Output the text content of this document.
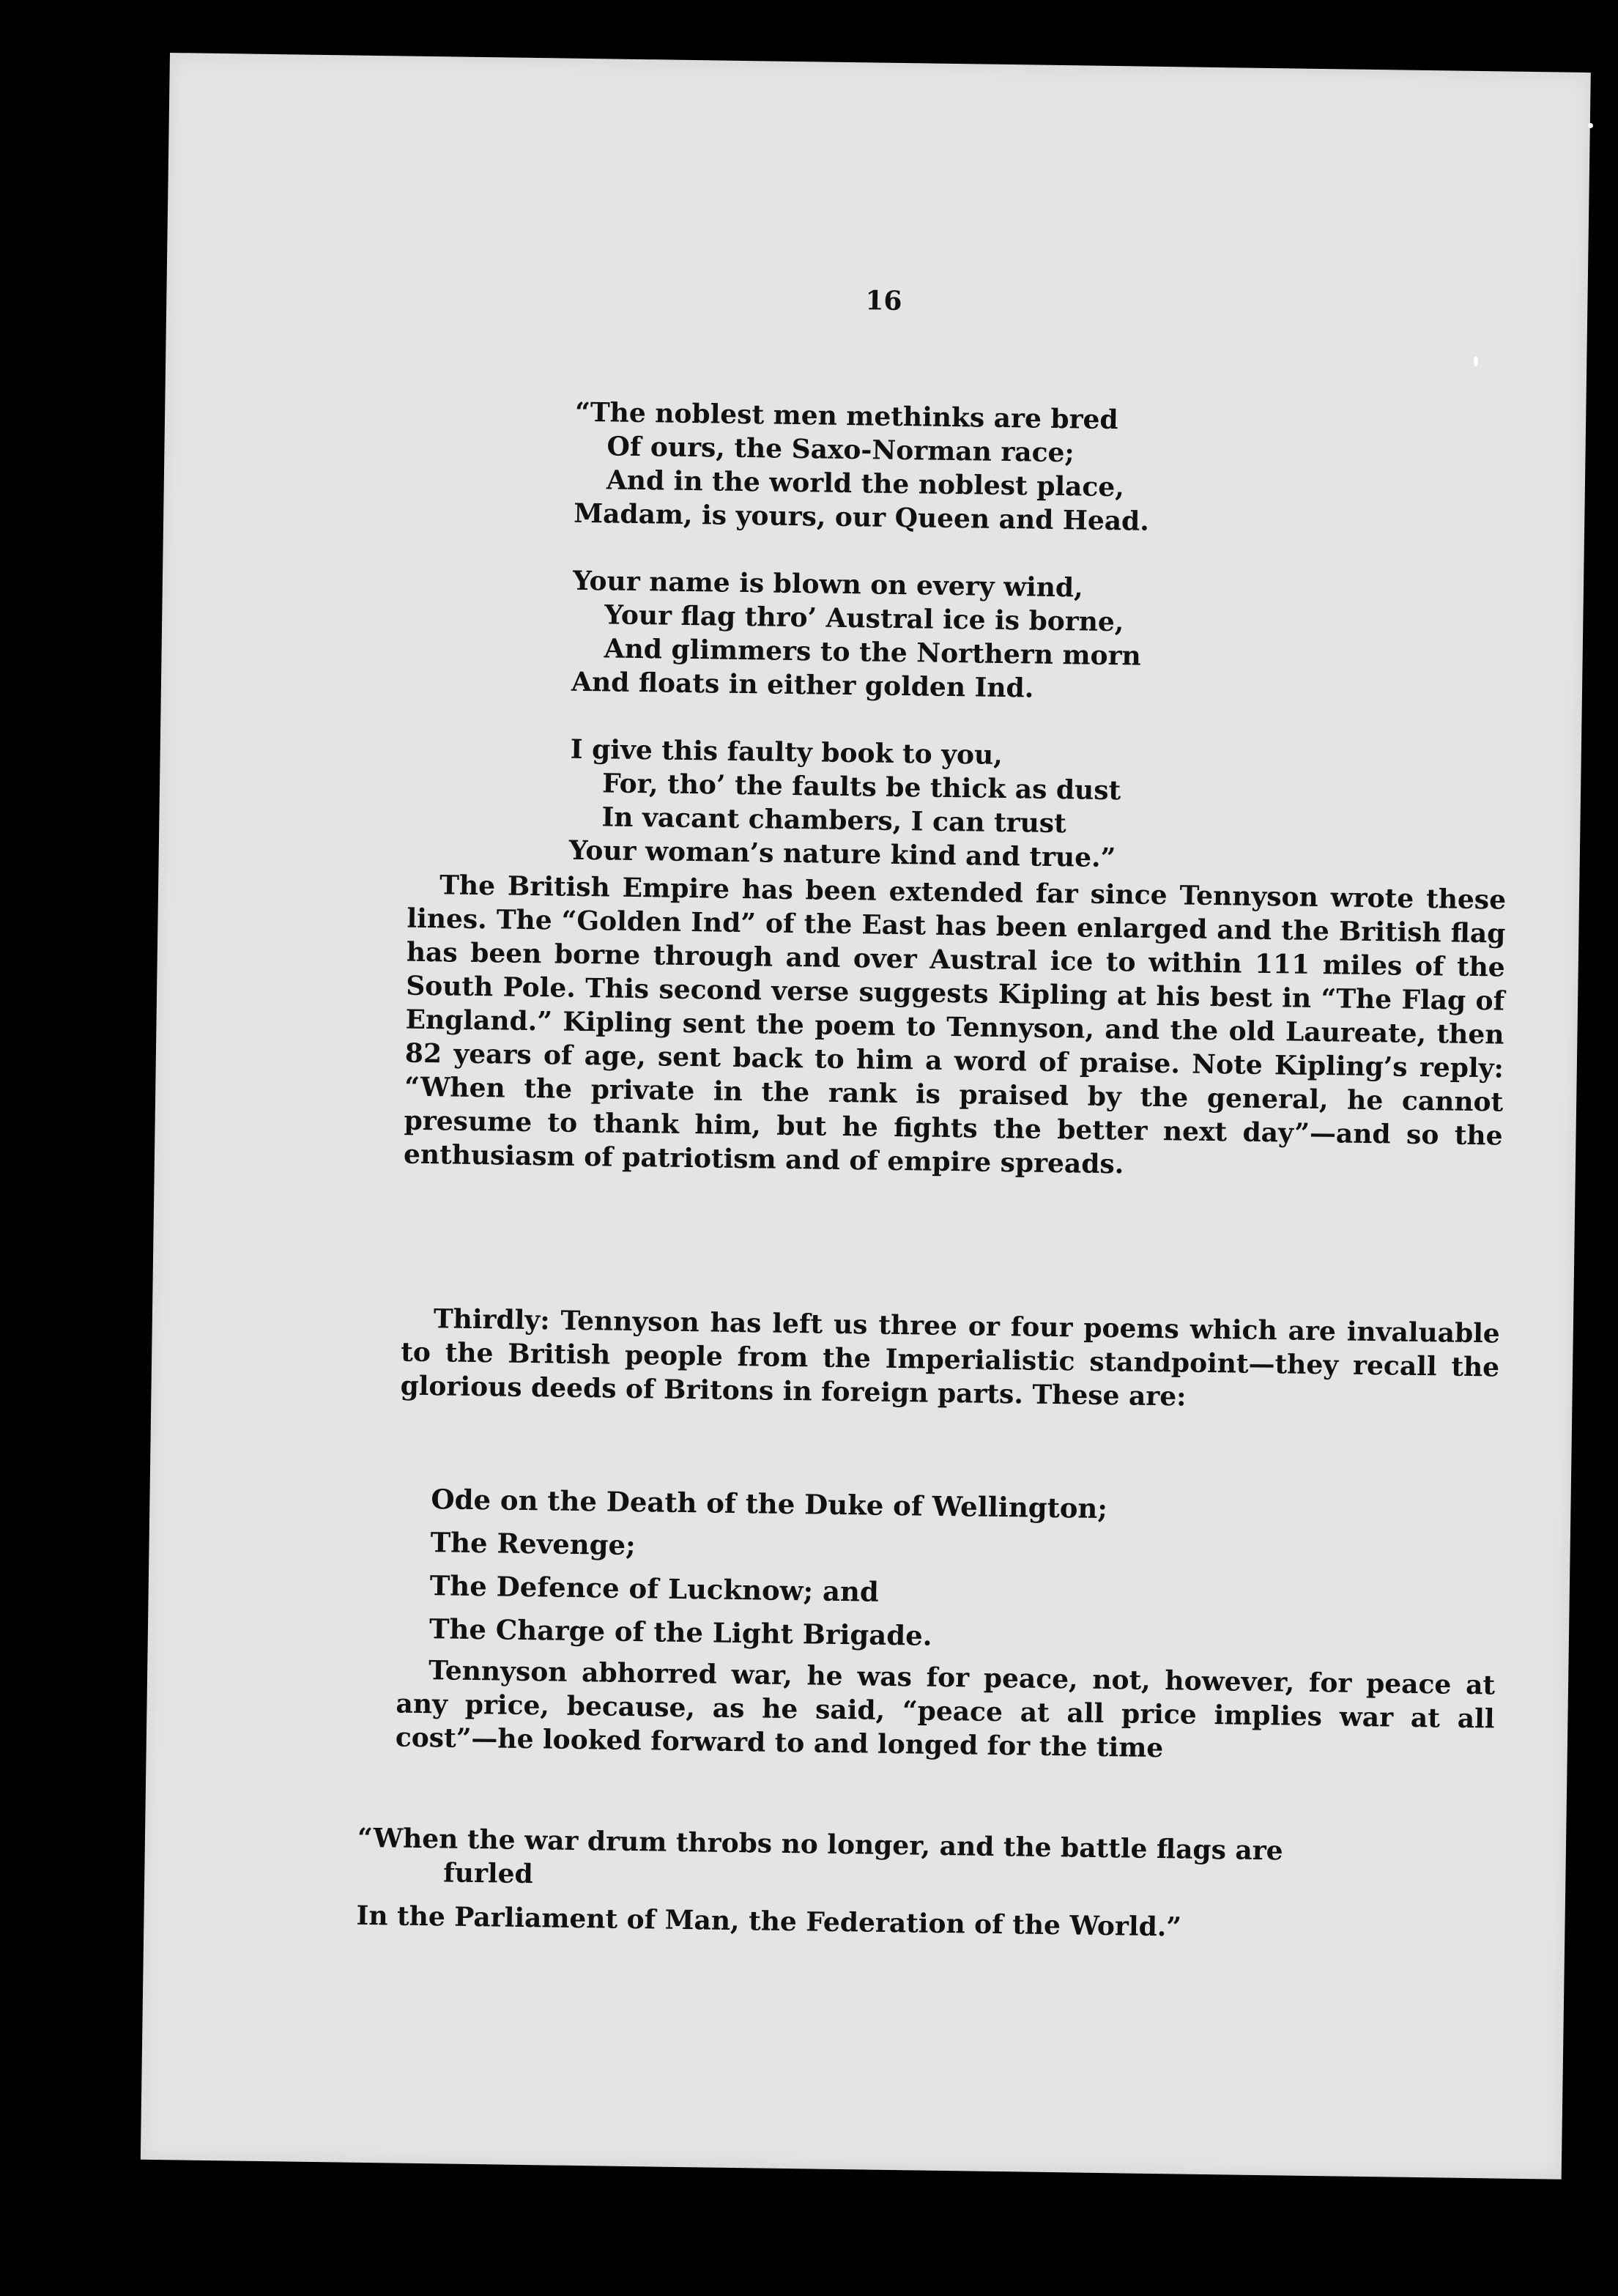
16
“The noblest men methinks are bred
Of ours, the Saxo-Norman race;
And in the world the noblest place,
Madam, is yours, our Queen and Head.
Your name is blown on every wind,
Your flag thro’ Austral ice is borne,
And glimmers to the Northern morn
And floats in either golden Ind.
I give this faulty book to you,
For, tho’ the faults be thick as dust
In vacant chambers, I can trust
Your woman’s nature kind and true.”

The British Empire has been extended far since Tennyson wrote these lines. The “Golden Ind” of the East has been enlarged and the British flag has been borne through and over Austral ice to within 111 miles of the South Pole. This second verse suggests Kipling at his best in “The Flag of England.” Kipling sent the poem to Tennyson, and the old Laureate, then 82 years of age, sent back to him a word of praise. Note Kipling’s reply: “When the private in the rank is praised by the general, he cannot presume to thank him, but he fights the better next day”—and so the enthusiasm of patriotism and of empire spreads.

Thirdly: Tennyson has left us three or four poems which are invaluable to the British people from the Imperialistic standpoint—they recall the glorious deeds of Britons in foreign parts. These are:

Ode on the Death of the Duke of Wellington;
The Revenge;
The Defence of Lucknow; and
The Charge of the Light Brigade.

Tennyson abhorred war, he was for peace, not, however, for peace at any price, because, as he said, “peace at all price implies war at all cost”—he looked forward to and longed for the time

“When the war drum throbs no longer, and the battle flags are
furled
In the Parliament of Man, the Federation of the World.”
